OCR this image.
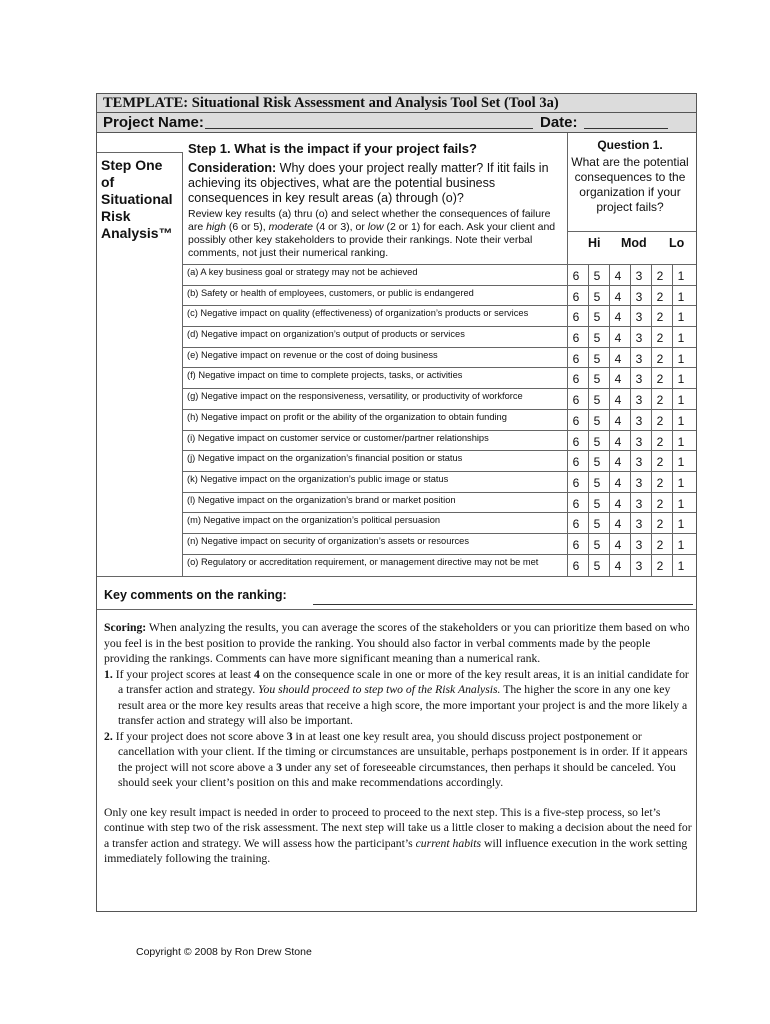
TEMPLATE: Situational Risk Assessment and Analysis Tool Set (Tool 3a)
Project Name:	Date:
Step One
of
Situational
Risk
Analysis™
Step 1. What is the impact if your project fails?
Consideration: Why does your project really matter? If itit fails in achieving its objectives, what are the potential business consequences in key result areas (a) through (o)?
Review key results (a) thru (o) and select whether the consequences of failure are high (6 or 5), moderate (4 or 3), or low (2 or 1) for each. Ask your client and possibly other key stakeholders to provide their rankings. Note their verbal comments, not just their numerical ranking.
Question 1.
What are the potential consequences to the organization if your project fails?
Hi Mod Lo
(a) A key business goal or strategy may not be achieved	6	5	4	3	2	1
(b) Safety or health of employees, customers, or public is endangered	6	5	4	3	2	1
(c) Negative impact on quality (effectiveness) of organization’s products or services	6	5	4	3	2	1
(d) Negative impact on organization’s output of products or services	6	5	4	3	2	1
(e) Negative impact on revenue or the cost of doing business	6	5	4	3	2	1
(f) Negative impact on time to complete projects, tasks, or activities	6	5	4	3	2	1
(g) Negative impact on the responsiveness, versatility, or productivity of workforce	6	5	4	3	2	1
(h) Negative impact on profit or the ability of the organization to obtain funding	6	5	4	3	2	1
(i) Negative impact on customer service or customer/partner relationships	6	5	4	3	2	1
(j) Negative impact on the organization’s financial position or status	6	5	4	3	2	1
(k) Negative impact on the organization’s public image or status	6	5	4	3	2	1
(l) Negative impact on the organization’s brand or market position	6	5	4	3	2	1
(m) Negative impact on the organization’s political persuasion	6	5	4	3	2	1
(n) Negative impact on security of organization’s assets or resources	6	5	4	3	2	1
(o) Regulatory or accreditation requirement, or management directive may not be met	6	5	4	3	2	1
Key comments on the ranking:

Scoring: When analyzing the results, you can average the scores of the stakeholders or you can prioritize them based on who you feel is in the best position to provide the ranking. You should also factor in verbal comments made by the people providing the rankings. Comments can have more significant meaning than a numerical rank.

1. If your project scores at least 4 on the consequence scale in one or more of the key result areas, it is an initial candidate for a transfer action and strategy. You should proceed to step two of the Risk Analysis. The higher the score in any one key result area or the more key results areas that receive a high score, the more important your project is and the more likely a transfer action and strategy will also be important.

2. If your project does not score above 3 in at least one key result area, you should discuss project postponement or cancellation with your client. If the timing or circumstances are unsuitable, perhaps postponement is in order. If it appears the project will not score above a 3 under any set of foreseeable circumstances, then perhaps it should be canceled. You should seek your client’s position on this and make recommendations accordingly.

Only one key result impact is needed in order to proceed to proceed to the next step. This is a five-step process, so let’s continue with step two of the risk assessment. The next step will take us a little closer to making a decision about the need for a transfer action and strategy. We will assess how the participant’s current habits will influence execution in the work setting immediately following the training.

Copyright © 2008 by Ron Drew Stone
